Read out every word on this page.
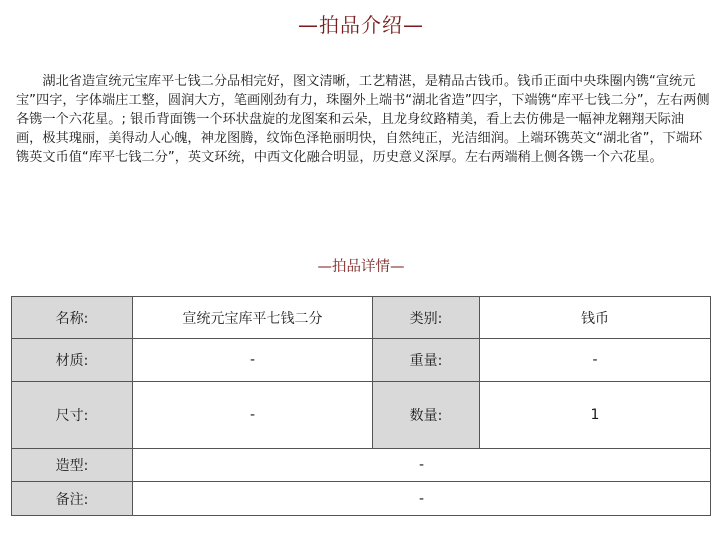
—拍品介绍—

湖北省造宣统元宝库平七钱二分品相完好，图文清晰，工艺精湛，是精品古钱币。钱币正面中央珠圈内镌“宣统元宝”四字，字体端庄工整，圆润大方，笔画刚劲有力，珠圈外上端书“湖北省造”四字，下端镌“库平七钱二分”，左右两侧各镌一个六花星。; 银币背面镌一个环状盘旋的龙图案和云朵，且龙身纹路精美，看上去仿佛是一幅神龙翱翔天际油画，极其瑰丽，美得动人心魄，神龙图腾，纹饰色泽艳丽明快，自然纯正，光洁细润。上端环镌英文“湖北省”，下端环镌英文币值“库平七钱二分”，英文环统，中西文化融合明显，历史意义深厚。左右两端稍上侧各镌一个六花星。

—拍品详情—
名称:	宣统元宝库平七钱二分	类别:	钱币
材质:	-	重量:	-
尺寸:	-	数量:	1
造型:	-		
备注:	-		
